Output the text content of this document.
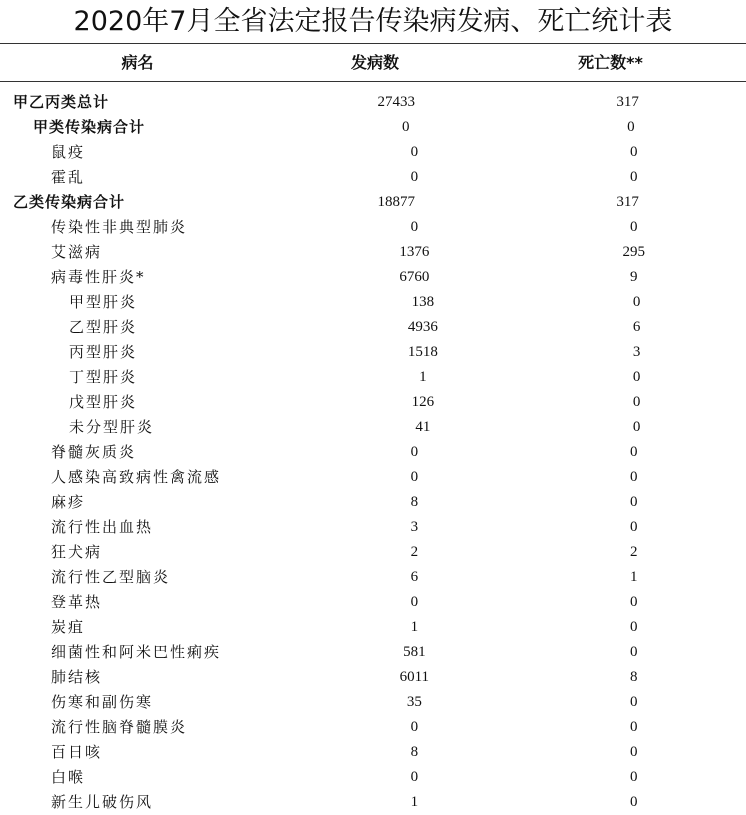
2020年7月全省法定报告传染病发病、死亡统计表
病名	发病数	死亡数**
甲乙丙类总计	27433	317
甲类传染病合计	0	0
鼠疫	0	0
霍乱	0	0
乙类传染病合计	18877	317
传染性非典型肺炎	0	0
艾滋病	1376	295
病毒性肝炎*	6760	9
甲型肝炎	138	0
乙型肝炎	4936	6
丙型肝炎	1518	3
丁型肝炎	1	0
戊型肝炎	126	0
未分型肝炎	41	0
脊髓灰质炎	0	0
人感染高致病性禽流感	0	0
麻疹	8	0
流行性出血热	3	0
狂犬病	2	2
流行性乙型脑炎	6	1
登革热	0	0
炭疽	1	0
细菌性和阿米巴性痢疾	581	0
肺结核	6011	8
伤寒和副伤寒	35	0
流行性脑脊髓膜炎	0	0
百日咳	8	0
白喉	0	0
新生儿破伤风	1	0
